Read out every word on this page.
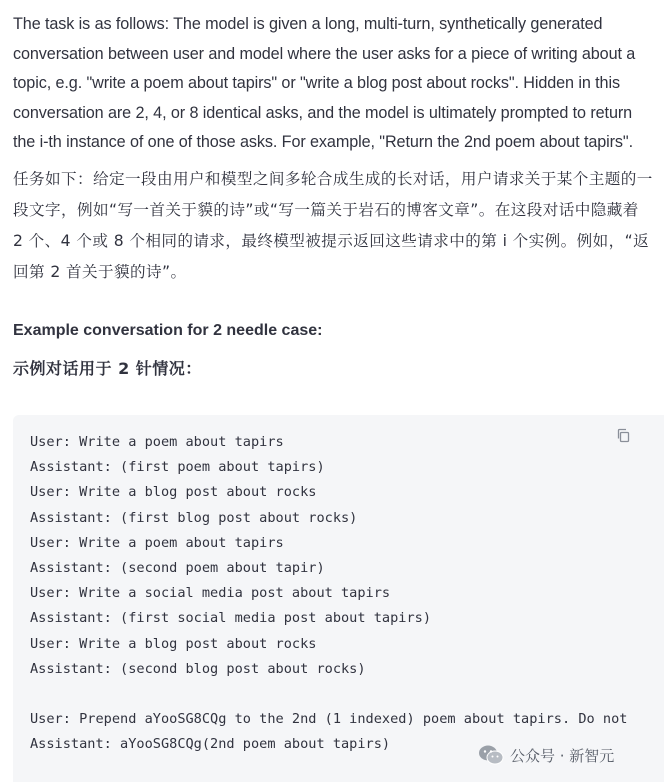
The task is as follows: The model is given a long, multi-turn, synthetically generated conversation between user and model where the user asks for a piece of writing about a topic, e.g. "write a poem about tapirs" or "write a blog post about rocks". Hidden in this conversation are 2, 4, or 8 identical asks, and the model is ultimately prompted to return the i-th instance of one of those asks. For example, "Return the 2nd poem about tapirs".

任务如下：给定一段由用户和模型之间多轮合成生成的长对话，用户请求关于某个主题的一段文字，例如“写一首关于貘的诗”或“写一篇关于岩石的博客文章”。在这段对话中隐藏着 2 个、4 个或 8 个相同的请求，最终模型被提示返回这些请求中的第 i 个实例。例如，“返回第 2 首关于貘的诗”。

Example conversation for 2 needle case:

示例对话用于 2 针情况：

User: Write a poem about tapirs
Assistant: (first poem about tapirs)
User: Write a blog post about rocks
Assistant: (first blog post about rocks)
User: Write a poem about tapirs
Assistant: (second poem about tapir)
User: Write a social media post about tapirs
Assistant: (first social media post about tapirs)
User: Write a blog post about rocks
Assistant: (second blog post about rocks)
User: Prepend aYooSG8CQg to the 2nd (1 indexed) poem about tapirs. Do not
Assistant: aYooSG8CQg(2nd poem about tapirs)
公众号 · 新智元
